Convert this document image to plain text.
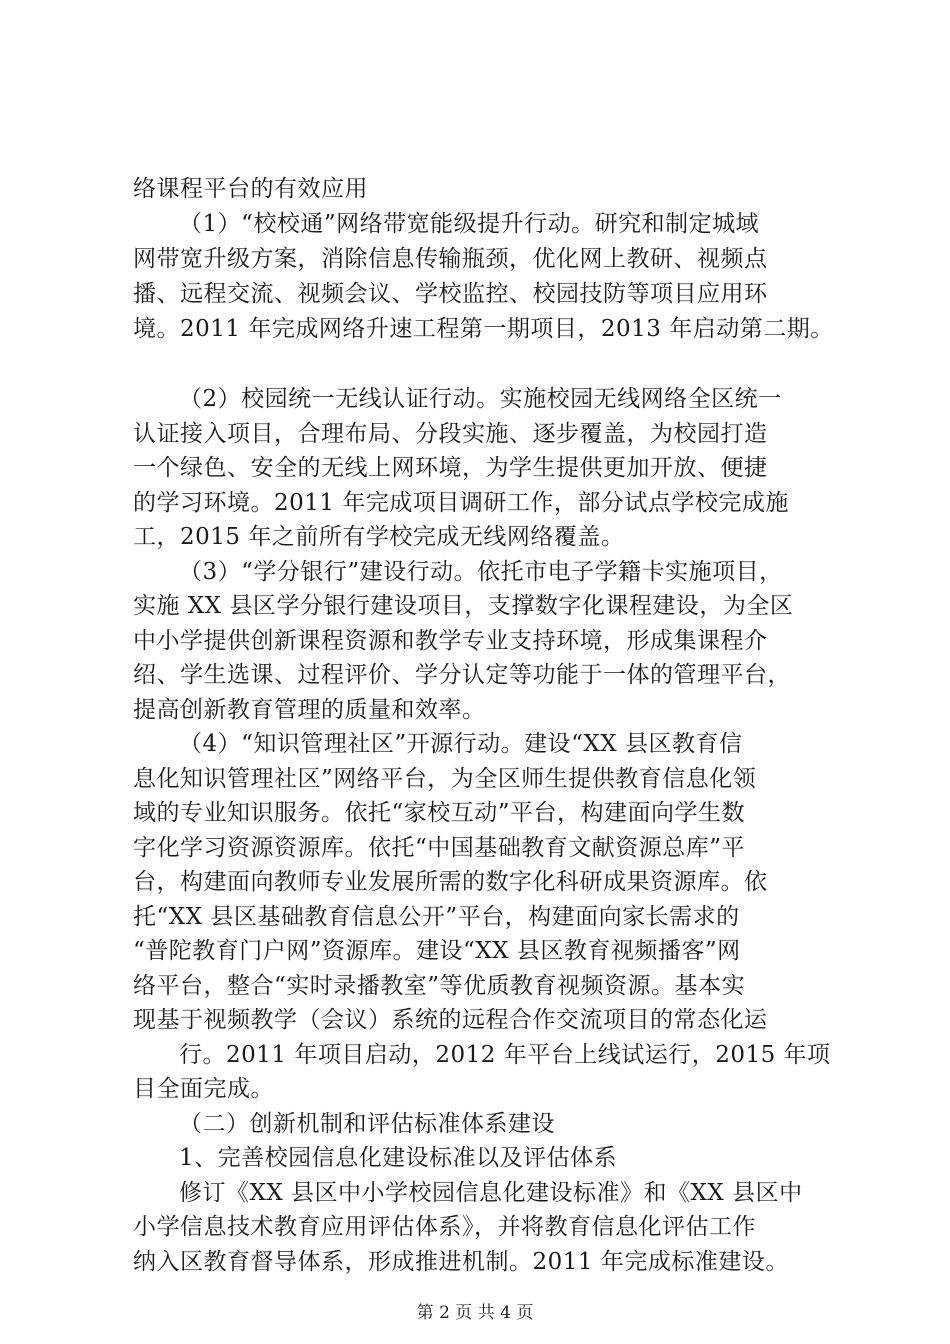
络课程平台的有效应用
（1）“校校通”网络带宽能级提升行动。研究和制定城域
网带宽升级方案，消除信息传输瓶颈，优化网上教研、视频点
播、远程交流、视频会议、学校监控、校园技防等项目应用环
境。2011 年完成网络升速工程第一期项目，2013 年启动第二期。
（2）校园统一无线认证行动。实施校园无线网络全区统一
认证接入项目，合理布局、分段实施、逐步覆盖，为校园打造
一个绿色、安全的无线上网环境，为学生提供更加开放、便捷
的学习环境。2011 年完成项目调研工作，部分试点学校完成施
工，2015 年之前所有学校完成无线网络覆盖。
（3）“学分银行”建设行动。依托市电子学籍卡实施项目，
实施 XX 县区学分银行建设项目，支撑数字化课程建设，为全区
中小学提供创新课程资源和教学专业支持环境，形成集课程介
绍、学生选课、过程评价、学分认定等功能于一体的管理平台，
提高创新教育管理的质量和效率。
（4）“知识管理社区”开源行动。建设“XX 县区教育信
息化知识管理社区”网络平台，为全区师生提供教育信息化领
域的专业知识服务。依托“家校互动”平台，构建面向学生数
字化学习资源资源库。依托“中国基础教育文献资源总库”平
台，构建面向教师专业发展所需的数字化科研成果资源库。依
托“XX 县区基础教育信息公开”平台，构建面向家长需求的
“普陀教育门户网”资源库。建设“XX 县区教育视频播客”网
络平台，整合“实时录播教室”等优质教育视频资源。基本实
现基于视频教学（会议）系统的远程合作交流项目的常态化运
行。2011 年项目启动，2012 年平台上线试运行，2015 年项
目全面完成。
（二）创新机制和评估标准体系建设
1、完善校园信息化建设标准以及评估体系
修订《XX 县区中小学校园信息化建设标准》和《XX 县区中
小学信息技术教育应用评估体系》，并将教育信息化评估工作
纳入区教育督导体系，形成推进机制。2011 年完成标准建设。
第 2 页 共 4 页
